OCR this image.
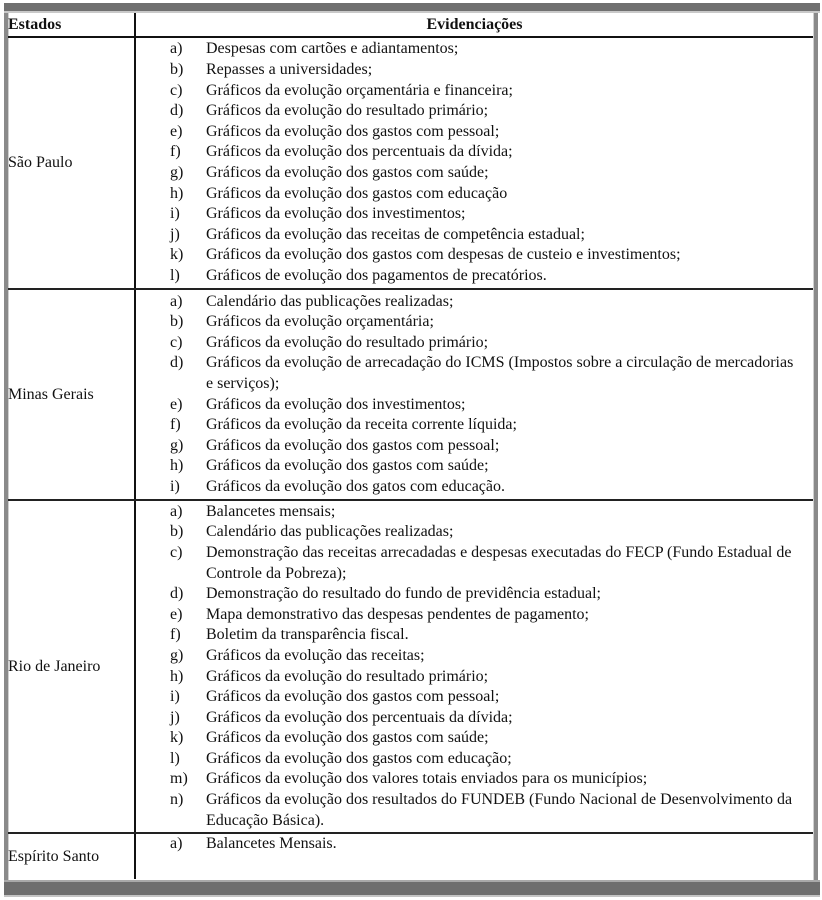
Estados	Evidenciações
São Paulo	
a)	Despesas com cartões e adiantamentos;
b)	Repasses a universidades;
c)	Gráficos da evolução orçamentária e financeira;
d)	Gráficos da evolução do resultado primário;
e)	Gráficos da evolução dos gastos com pessoal;
f)	Gráficos da evolução dos percentuais da dívida;
g)	Gráficos da evolução dos gastos com saúde;
h)	Gráficos da evolução dos gastos com educação
i)	Gráficos da evolução dos investimentos;
j)	Gráficos da evolução das receitas de competência estadual;
k)	Gráficos da evolução dos gastos com despesas de custeio e investimentos;
l)	Gráficos de evolução dos pagamentos de precatórios.

Minas Gerais	
a)	Calendário das publicações realizadas;
b)	Gráficos da evolução orçamentária;
c)	Gráficos da evolução do resultado primário;
d)	Gráficos da evolução de arrecadação do ICMS (Impostos sobre a circulação de mercadorias e serviços);
e)	Gráficos da evolução dos investimentos;
f)	Gráficos da evolução da receita corrente líquida;
g)	Gráficos da evolução dos gastos com pessoal;
h)	Gráficos da evolução dos gastos com saúde;
i)	Gráficos da evolução dos gatos com educação.

Rio de Janeiro	
a)	Balancetes mensais;
b)	Calendário das publicações realizadas;
c)	Demonstração das receitas arrecadadas e despesas executadas do FECP (Fundo Estadual de Controle da Pobreza);
d)	Demonstração do resultado do fundo de previdência estadual;
e)	Mapa demonstrativo das despesas pendentes de pagamento;
f)	Boletim da transparência fiscal.
g)	Gráficos da evolução das receitas;
h)	Gráficos da evolução do resultado primário;
i)	Gráficos da evolução dos gastos com pessoal;
j)	Gráficos da evolução dos percentuais da dívida;
k)	Gráficos da evolução dos gastos com saúde;
l)	Gráficos da evolução dos gastos com educação;
m)	Gráficos da evolução dos valores totais enviados para os municípios;
n)	Gráficos da evolução dos resultados do FUNDEB (Fundo Nacional de Desenvolvimento da Educação Básica).

Espírito Santo	
a)	Balancetes Mensais.
